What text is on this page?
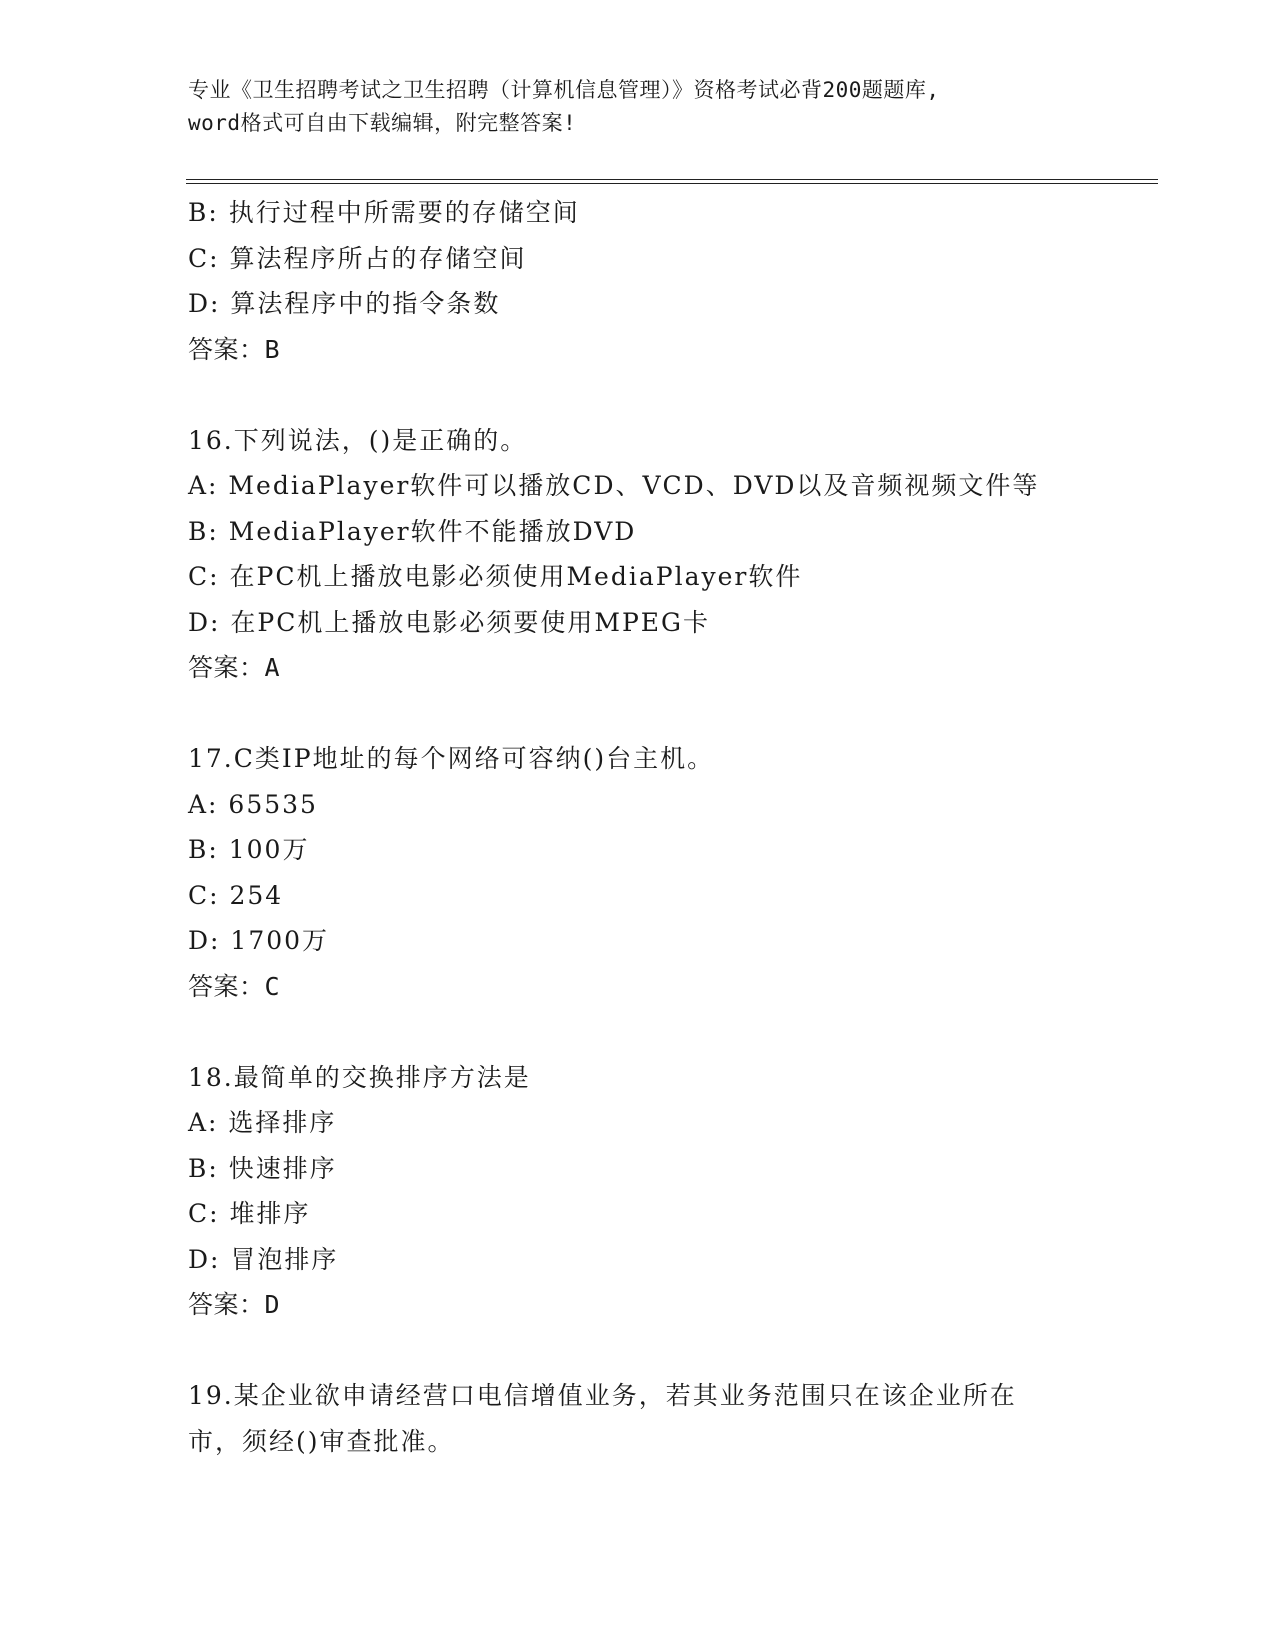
专业《卫生招聘考试之卫生招聘（计算机信息管理）》资格考试必背200题题库,
word格式可自由下载编辑，附完整答案!
B: 执行过程中所需要的存储空间
C: 算法程序所占的存储空间
D: 算法程序中的指令条数
答案：B
16.下列说法，()是正确的。
A: MediaPlayer软件可以播放CD、VCD、DVD以及音频视频文件等
B: MediaPlayer软件不能播放DVD
C: 在PC机上播放电影必须使用MediaPlayer软件
D: 在PC机上播放电影必须要使用MPEG卡
答案：A
17.C类IP地址的每个网络可容纳()台主机。
A: 65535
B: 100万
C: 254
D: 1700万
答案：C
18.最简单的交换排序方法是
A: 选择排序
B: 快速排序
C: 堆排序
D: 冒泡排序
答案：D
19.某企业欲申请经营口电信增值业务，若其业务范围只在该企业所在
市，须经()审查批准。
